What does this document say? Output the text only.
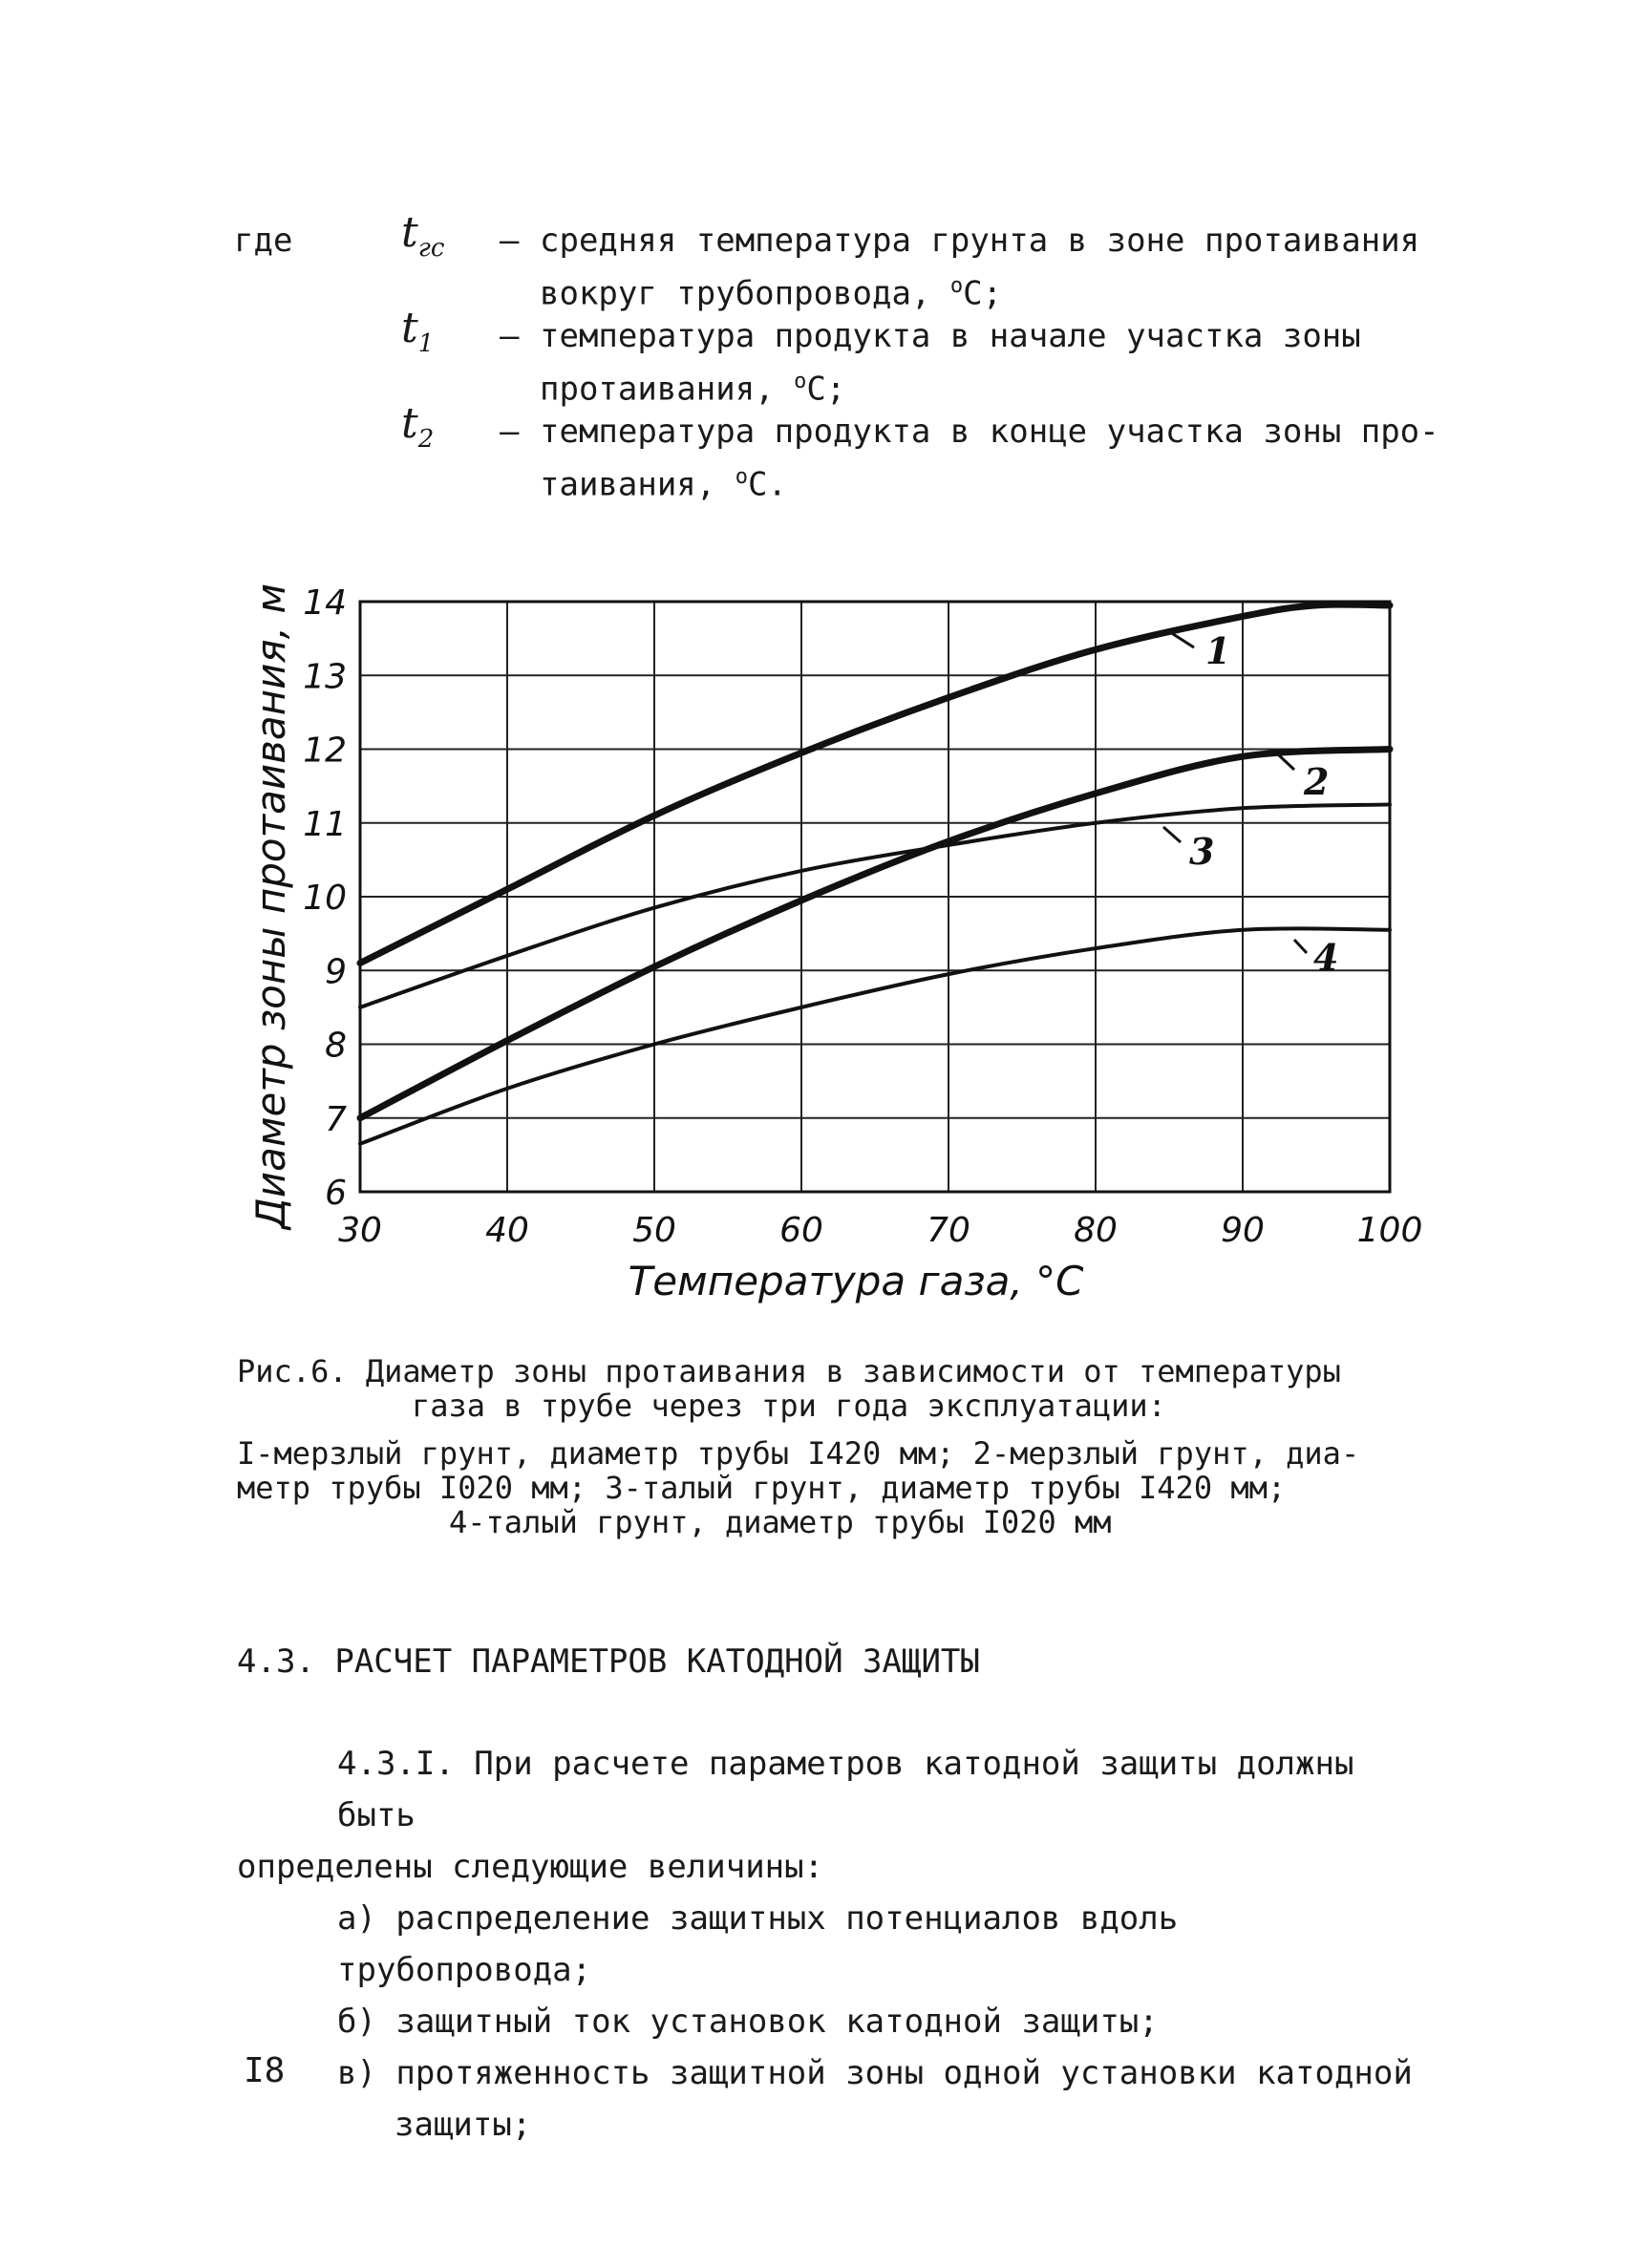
где	$t_{гс}$ – средняя температура грунта в зоне протаивания
вокруг трубопровода, $^о$С;
$t_1$ – температура продукта в начале участка зоны
протаивания, $^о$С;
$t_2$ – температура продукта в конце участка зоны про-
таивания, $^о$С.
1
2
3
4
30	40	50	60	70	80	90	100
6
7
8
9
10
11
12
13
14
Температура газа, °С
Диаметр зоны протаивания, м
Рис.6. Диаметр зоны протаивания в зависимости от температуры
газа в трубе через три года эксплуатации:
I-мерзлый грунт, диаметр трубы I420 мм; 2-мерзлый грунт, диа-
метр трубы I020 мм; 3-талый грунт, диаметр трубы I420 мм;
4-талый грунт, диаметр трубы I020 мм
4.3. РАСЧЕТ ПАРАМЕТРОВ КАТОДНОЙ ЗАЩИТЫ
4.3.I. При расчете параметров катодной защиты должны быть
определены следующие величины:
а) распределение защитных потенциалов вдоль трубопровода;
б) защитный ток установок катодной защиты;
в) протяженность защитной зоны одной установки катодной
защиты;
I8
